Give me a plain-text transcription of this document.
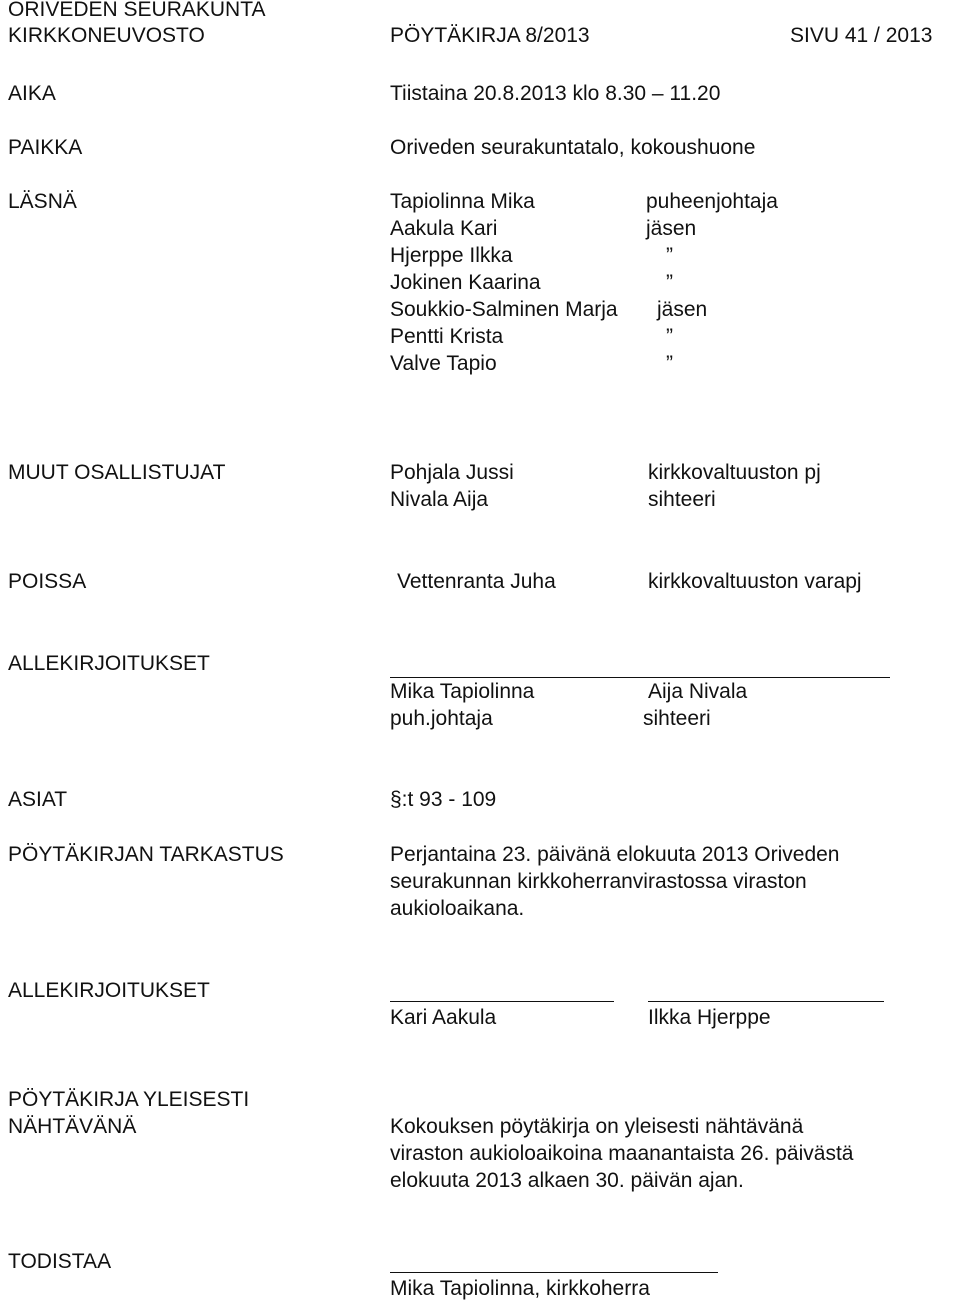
ORIVEDEN SEURAKUNTA
KIRKKONEUVOSTO	PÖYTÄKIRJA 8/2013	SIVU 41 / 2013
AIKA	Tiistaina 20.8.2013 klo 8.30 – 11.20
PAIKKA	Oriveden seurakuntatalo, kokoushuone
LÄSNÄ	Tapiolinna Mika	puheenjohtaja
Aakula Kari	jäsen
Hjerppe Ilkka	”
Jokinen Kaarina	”
Soukkio-Salminen Marja jäsen
Pentti Krista	”
Valve Tapio	”
MUUT OSALLISTUJAT	Pohjala Jussi	kirkkovaltuuston pj
Nivala Aija	sihteeri
POISSA	Vettenranta Juha	kirkkovaltuuston varapj
ALLEKIRJOITUKSET
Mika Tapiolinna	Aija Nivala
puh.johtaja	sihteeri
ASIAT	§:t 93 - 109
PÖYTÄKIRJAN TARKASTUS	Perjantaina 23. päivänä elokuuta 2013 Oriveden
seurakunnan kirkkoherranvirastossa viraston
aukioloaikana.
ALLEKIRJOITUKSET
Kari Aakula	Ilkka Hjerppe
PÖYTÄKIRJA YLEISESTI
NÄHTÄVÄNÄ	Kokouksen pöytäkirja on yleisesti nähtävänä
viraston aukioloaikoina maanantaista 26. päivästä
elokuuta 2013 alkaen 30. päivän ajan.
TODISTAA
Mika Tapiolinna, kirkkoherra
